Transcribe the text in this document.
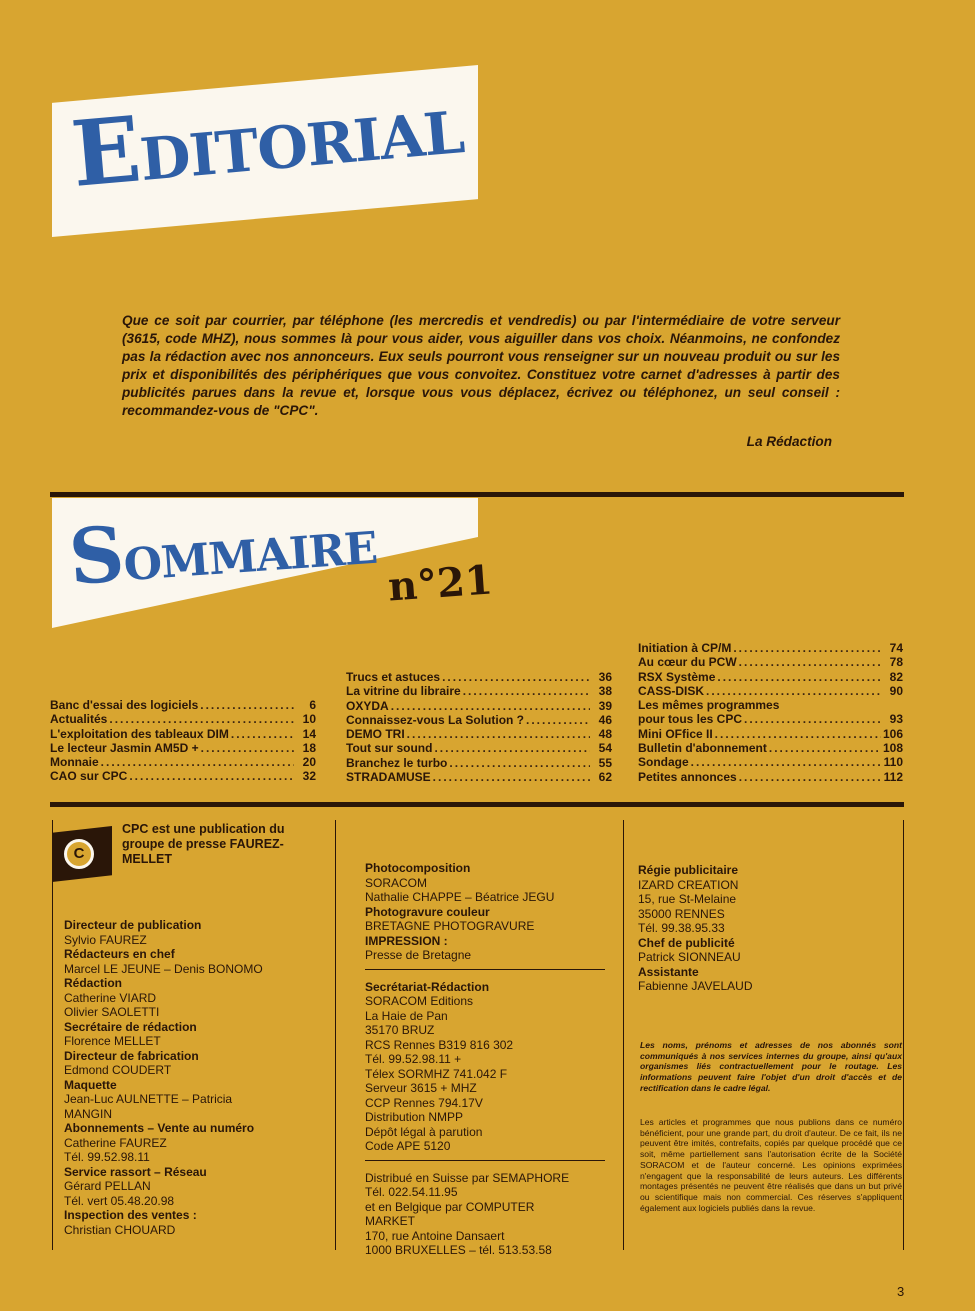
EDITORIAL
Que ce soit par courrier, par téléphone (les mercredis et vendredis) ou par l'intermédiaire de votre serveur (3615, code MHZ), nous sommes là pour vous aider, vous aiguiller dans vos choix. Néanmoins, ne confondez pas la rédaction avec nos annonceurs. Eux seuls pourront vous renseigner sur un nouveau produit ou sur les prix et disponibilités des périphériques que vous convoitez. Constituez votre carnet d'adresses à partir des publicités parues dans la revue et, lorsque vous vous déplacez, écrivez ou téléphonez, un seul conseil : recommandez-vous de "CPC".
La Rédaction
SOMMAIRE n°21
Banc d'essai des logiciels .....	6
Actualités .....	10
L'exploitation des tableaux DIM .....	14
Le lecteur Jasmin AM5D + .....	18
Monnaie .....	20
CAO sur CPC .....	32
Trucs et astuces .....	36
La vitrine du libraire .....	38
OXYDA .....	39
Connaissez-vous La Solution ? .....	46
DEMO TRI .....	48
Tout sur sound .....	54
Branchez le turbo .....	55
STRADAMUSE .....	62
Initiation à CP/M .....	74
Au cœur du PCW .....	78
RSX Système .....	82
CASS-DISK .....	90
Les mêmes programmes
pour tous les CPC .....	93
Mini OFfice II .....	106
Bulletin d'abonnement .....	108
Sondage .....	110
Petites annonces .....	112
C
CPC est une publication du groupe de presse FAUREZ-MELLET
Directeur de publication
Sylvio FAUREZ
Rédacteurs en chef
Marcel LE JEUNE – Denis BONOMO
Rédaction
Catherine VIARD
Olivier SAOLETTI
Secrétaire de rédaction
Florence MELLET
Directeur de fabrication
Edmond COUDERT
Maquette
Jean-Luc AULNETTE – Patricia
MANGIN
Abonnements – Vente au numéro
Catherine FAUREZ
Tél. 99.52.98.11
Service rassort – Réseau
Gérard PELLAN
Tél. vert 05.48.20.98
Inspection des ventes :
Christian CHOUARD
Photocomposition
SORACOM
Nathalie CHAPPE – Béatrice JEGU
Photogravure couleur
BRETAGNE PHOTOGRAVURE
IMPRESSION :
Presse de Bretagne
Secrétariat-Rédaction
SORACOM Editions
La Haie de Pan
35170 BRUZ
RCS Rennes B319 816 302
Tél. 99.52.98.11 +
Télex SORMHZ 741.042 F
Serveur 3615 + MHZ
CCP Rennes 794.17V
Distribution NMPP
Dépôt légal à parution
Code APE 5120
Distribué en Suisse par SEMAPHORE
Tél. 022.54.11.95
et en Belgique par COMPUTER
MARKET
170, rue Antoine Dansaert
1000 BRUXELLES – tél. 513.53.58
Régie publicitaire
IZARD CREATION
15, rue St-Melaine
35000 RENNES
Tél. 99.38.95.33
Chef de publicité
Patrick SIONNEAU
Assistante
Fabienne JAVELAUD
Les noms, prénoms et adresses de nos abonnés sont communiqués à nos services internes du groupe, ainsi qu'aux organismes liés contractuellement pour le routage. Les informations peuvent faire l'objet d'un droit d'accès et de rectification dans le cadre légal.
Les articles et programmes que nous publions dans ce numéro bénéficient, pour une grande part, du droit d'auteur. De ce fait, ils ne peuvent être imités, contrefaits, copiés par quelque procédé que ce soit, même partiellement sans l'autorisation écrite de la Société SORACOM et de l'auteur concerné. Les opinions exprimées n'engagent que la responsabilité de leurs auteurs. Les différents montages présentés ne peuvent être réalisés que dans un but privé ou scientifique mais non commercial. Ces réserves s'appliquent également aux logiciels publiés dans la revue.
3
